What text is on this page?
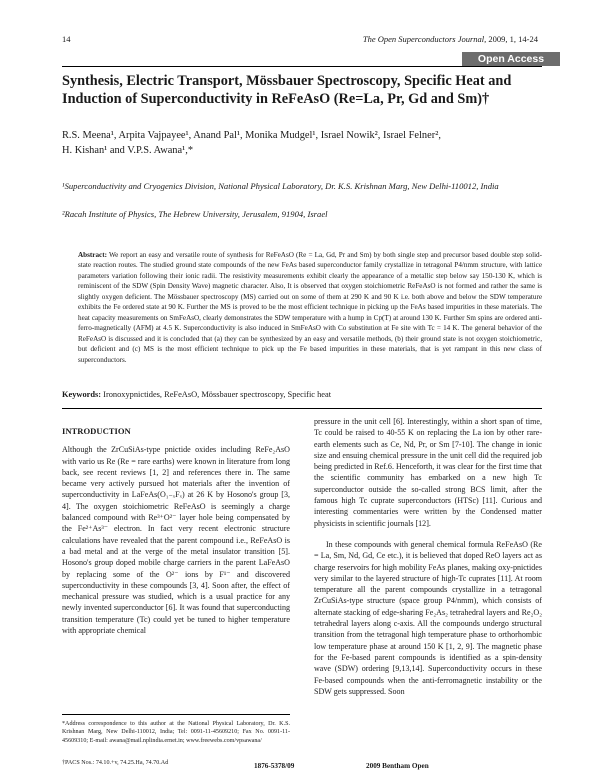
14	The Open Superconductors Journal, 2009, 1, 14-24
Open Access
Synthesis, Electric Transport, Mössbauer Spectroscopy, Specific Heat and Induction of Superconductivity in ReFeAsO (Re=La, Pr, Gd and Sm)†
R.S. Meena¹, Arpita Vajpayee¹, Anand Pal¹, Monika Mudgel¹, Israel Nowik², Israel Felner²,
H. Kishan¹ and V.P.S. Awana¹,*
¹Superconductivity and Cryogenics Division, National Physical Laboratory, Dr. K.S. Krishnan Marg, New Delhi-110012, India
²Racah Institute of Physics, The Hebrew University, Jerusalem, 91904, Israel
Abstract: We report an easy and versatile route of synthesis for ReFeAsO (Re = La, Gd, Pr and Sm) by both single step and precursor based double step solid-state reaction routes. The studied ground state compounds of the new FeAs based superconductor family crystallize in tetragonal P4/nmm structure, with lattice parameters variation following their ionic radii. The resistivity measurements exhibit clearly the appearance of a metallic step below say 150-130 K, which is reminiscent of the SDW (Spin Density Wave) magnetic character. Also, It is observed that oxygen stoichiometric ReFeAsO is not formed and rather the same is slightly oxygen deficient. The Mössbauer spectroscopy (MS) carried out on some of them at 290 K and 90 K i.e. both above and below the SDW temperature exhibits the Fe ordered state at 90 K. Further the MS is proved to be the most efficient technique in picking up the FeAs based impurities in these materials. The heat capacity measurements on SmFeAsO, clearly demonstrates the SDW temperature with a hump in Cp(T) at around 130 K. Further Sm spins are ordered anti-ferro-magnetically (AFM) at 4.5 K. Superconductivity is also induced in SmFeAsO with Co substitution at Fe site with Tc = 14 K. The general behavior of the ReFeAsO is discussed and it is concluded that (a) they can be synthesized by an easy and versatile methods, (b) their ground state is not oxygen stoichiometric, but deficient and (c) MS is the most efficient technique to pick up the Fe based impurities in these materials, that is yet rampant in this new class of superconductors.
Keywords: Ironoxypnictides, ReFeAsO, Mössbauer spectroscopy, Specific heat

INTRODUCTION

Although the ZrCuSiAs-type pnictide oxides including ReFe₂AsO with vario us Re (Re = rare earths) were known in literature from long back, see recent reviews [1, 2] and references there in. The same became very actively pursued hot materials after the invention of superconductivity in LaFeAs(O₁₋ₓFₓ) at 26 K by Hosono's group [3, 4]. The oxygen stoichiometric ReFeAsO is seemingly a charge balanced compound with Re³⁺O²⁻ layer hole being compensated by the Fe²⁺As³⁻ electron. In fact very recent electronic structure calculations have revealed that the parent compound i.e., ReFeAsO is a bad metal and at the verge of the metal insulator transition [5]. Hosono's group doped mobile charge carriers in the parent LaFeAsO by replacing some of the O²⁻ ions by F¹⁻ and discovered superconductivity in these compounds [3, 4]. Soon after, the effect of mechanical pressure was studied, which is a usual practice for any newly invented superconductor [6]. It was found that superconducting transition temperature (Tc) could yet be tuned to higher temperature with appropriate chemical

pressure in the unit cell [6]. Interestingly, within a short span of time, Tc could be raised to 40-55 K on replacing the La ion by other rare-earth elements such as Ce, Nd, Pr, or Sm [7-10]. The change in ionic size and ensuing chemical pressure in the unit cell did the required job being predicted in Ref.6. Henceforth, it was clear for the first time that the scientific community has embarked on a new high Tc superconductor outside the so-called strong BCS limit, after the famous high Tc cuprate superconductors (HTSc) [11]. Curious and interesting commentaries were written by the Condensed matter physicists in scientific journals [12].

In these compounds with general chemical formula ReFeAsO (Re = La, Sm, Nd, Gd, Ce etc.), it is believed that doped ReO layers act as charge reservoirs for high mobility FeAs planes, making oxy-pnictides very similar to the layered structure of high-Tc cuprates [11]. At room temperature all the parent compounds crystallize in a tetragonal ZrCuSiAs-type structure (space group P4/nmm), which consists of alternate stacking of edge-sharing Fe₂As₂ tetrahedral layers and Re₂O₂ tetrahedral layers along c-axis. All the compounds undergo structural transition from the tetragonal high temperature phase to orthorhombic low temperature phase at around 150 K [1, 2, 9]. The magnetic phase for the Fe-based parent compounds is identified as a spin-density wave (SDW) ordering [9,13,14]. Superconductivity occurs in these Fe-based compounds when the anti-ferromagnetic instability or the SDW gets suppressed. Soon

*Address correspondence to this author at the National Physical Laboratory, Dr. K.S. Krishnan Marg, New Delhi-110012, India; Tel: 0091-11-45609210; Fax No. 0091-11-45609310; E-mail: awana@mail.nplindia.ernet.in; www.freewebs.com/vpsawana/
†PACS Nos.: 74.10.+v, 74.25.Ha, 74.70.Ad	1876-5378/09	2009 Bentham Open
